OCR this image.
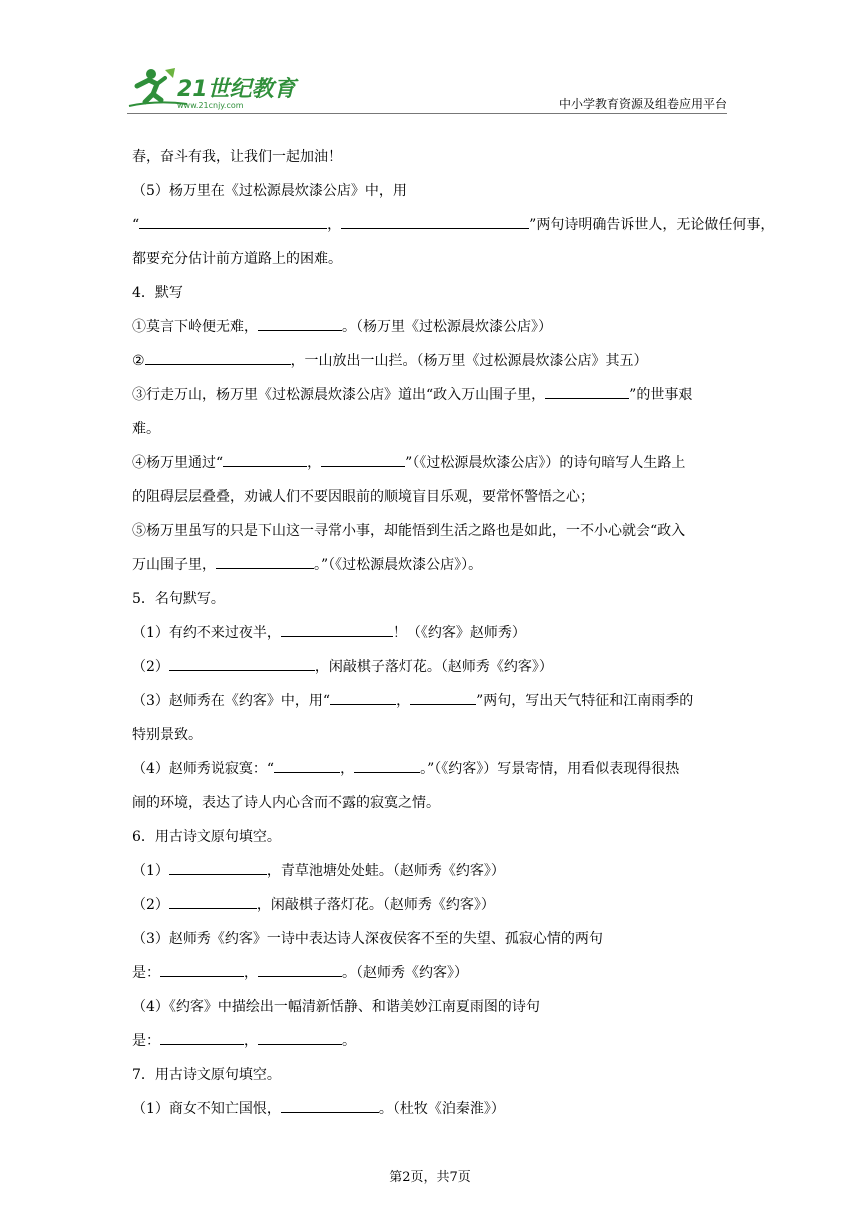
21世纪教育
www.21cnjy.com	中小学教育资源及组卷应用平台
春，奋斗有我，让我们一起加油！
（5）杨万里在《过松源晨炊漆公店》中，用
“	，	”两句诗明确告诉世人，无论做任何事，
都要充分估计前方道路上的困难。
4．默写
①莫言下岭便无难，	。（杨万里《过松源晨炊漆公店》）
②	，一山放出一山拦。（杨万里《过松源晨炊漆公店》其五）
③行走万山，杨万里《过松源晨炊漆公店》道出“政入万山围子里，	”的世事艰
难。
④杨万里通过“	，	”（《过松源晨炊漆公店》）的诗句暗写人生路上
的阻碍层层叠叠，劝诫人们不要因眼前的顺境盲目乐观，要常怀警悟之心；
⑤杨万里虽写的只是下山这一寻常小事，却能悟到生活之路也是如此，一不小心就会“政入
万山围子里，	。”（《过松源晨炊漆公店》）。
5．名句默写。
（1）有约不来过夜半，	！（《约客》赵师秀）
（2）	，闲敲棋子落灯花。（赵师秀《约客》）
（3）赵师秀在《约客》中，用“	，	”两句，写出天气特征和江南雨季的
特别景致。
（4）赵师秀说寂寞：“	，	。”（《约客》）写景寄情，用看似表现得很热
闹的环境，表达了诗人内心含而不露的寂寞之情。
6．用古诗文原句填空。
（1）	，青草池塘处处蛙。（赵师秀《约客》）
（2）	，闲敲棋子落灯花。（赵师秀《约客》）
（3）赵师秀《约客》一诗中表达诗人深夜侯客不至的失望、孤寂心情的两句
是：	，	。（赵师秀《约客》）
（4）《约客》中描绘出一幅清新恬静、和谐美妙江南夏雨图的诗句
是：	，	。
7．用古诗文原句填空。
（1）商女不知亡国恨，	。（杜牧《泊秦淮》）
第2页，共7页
